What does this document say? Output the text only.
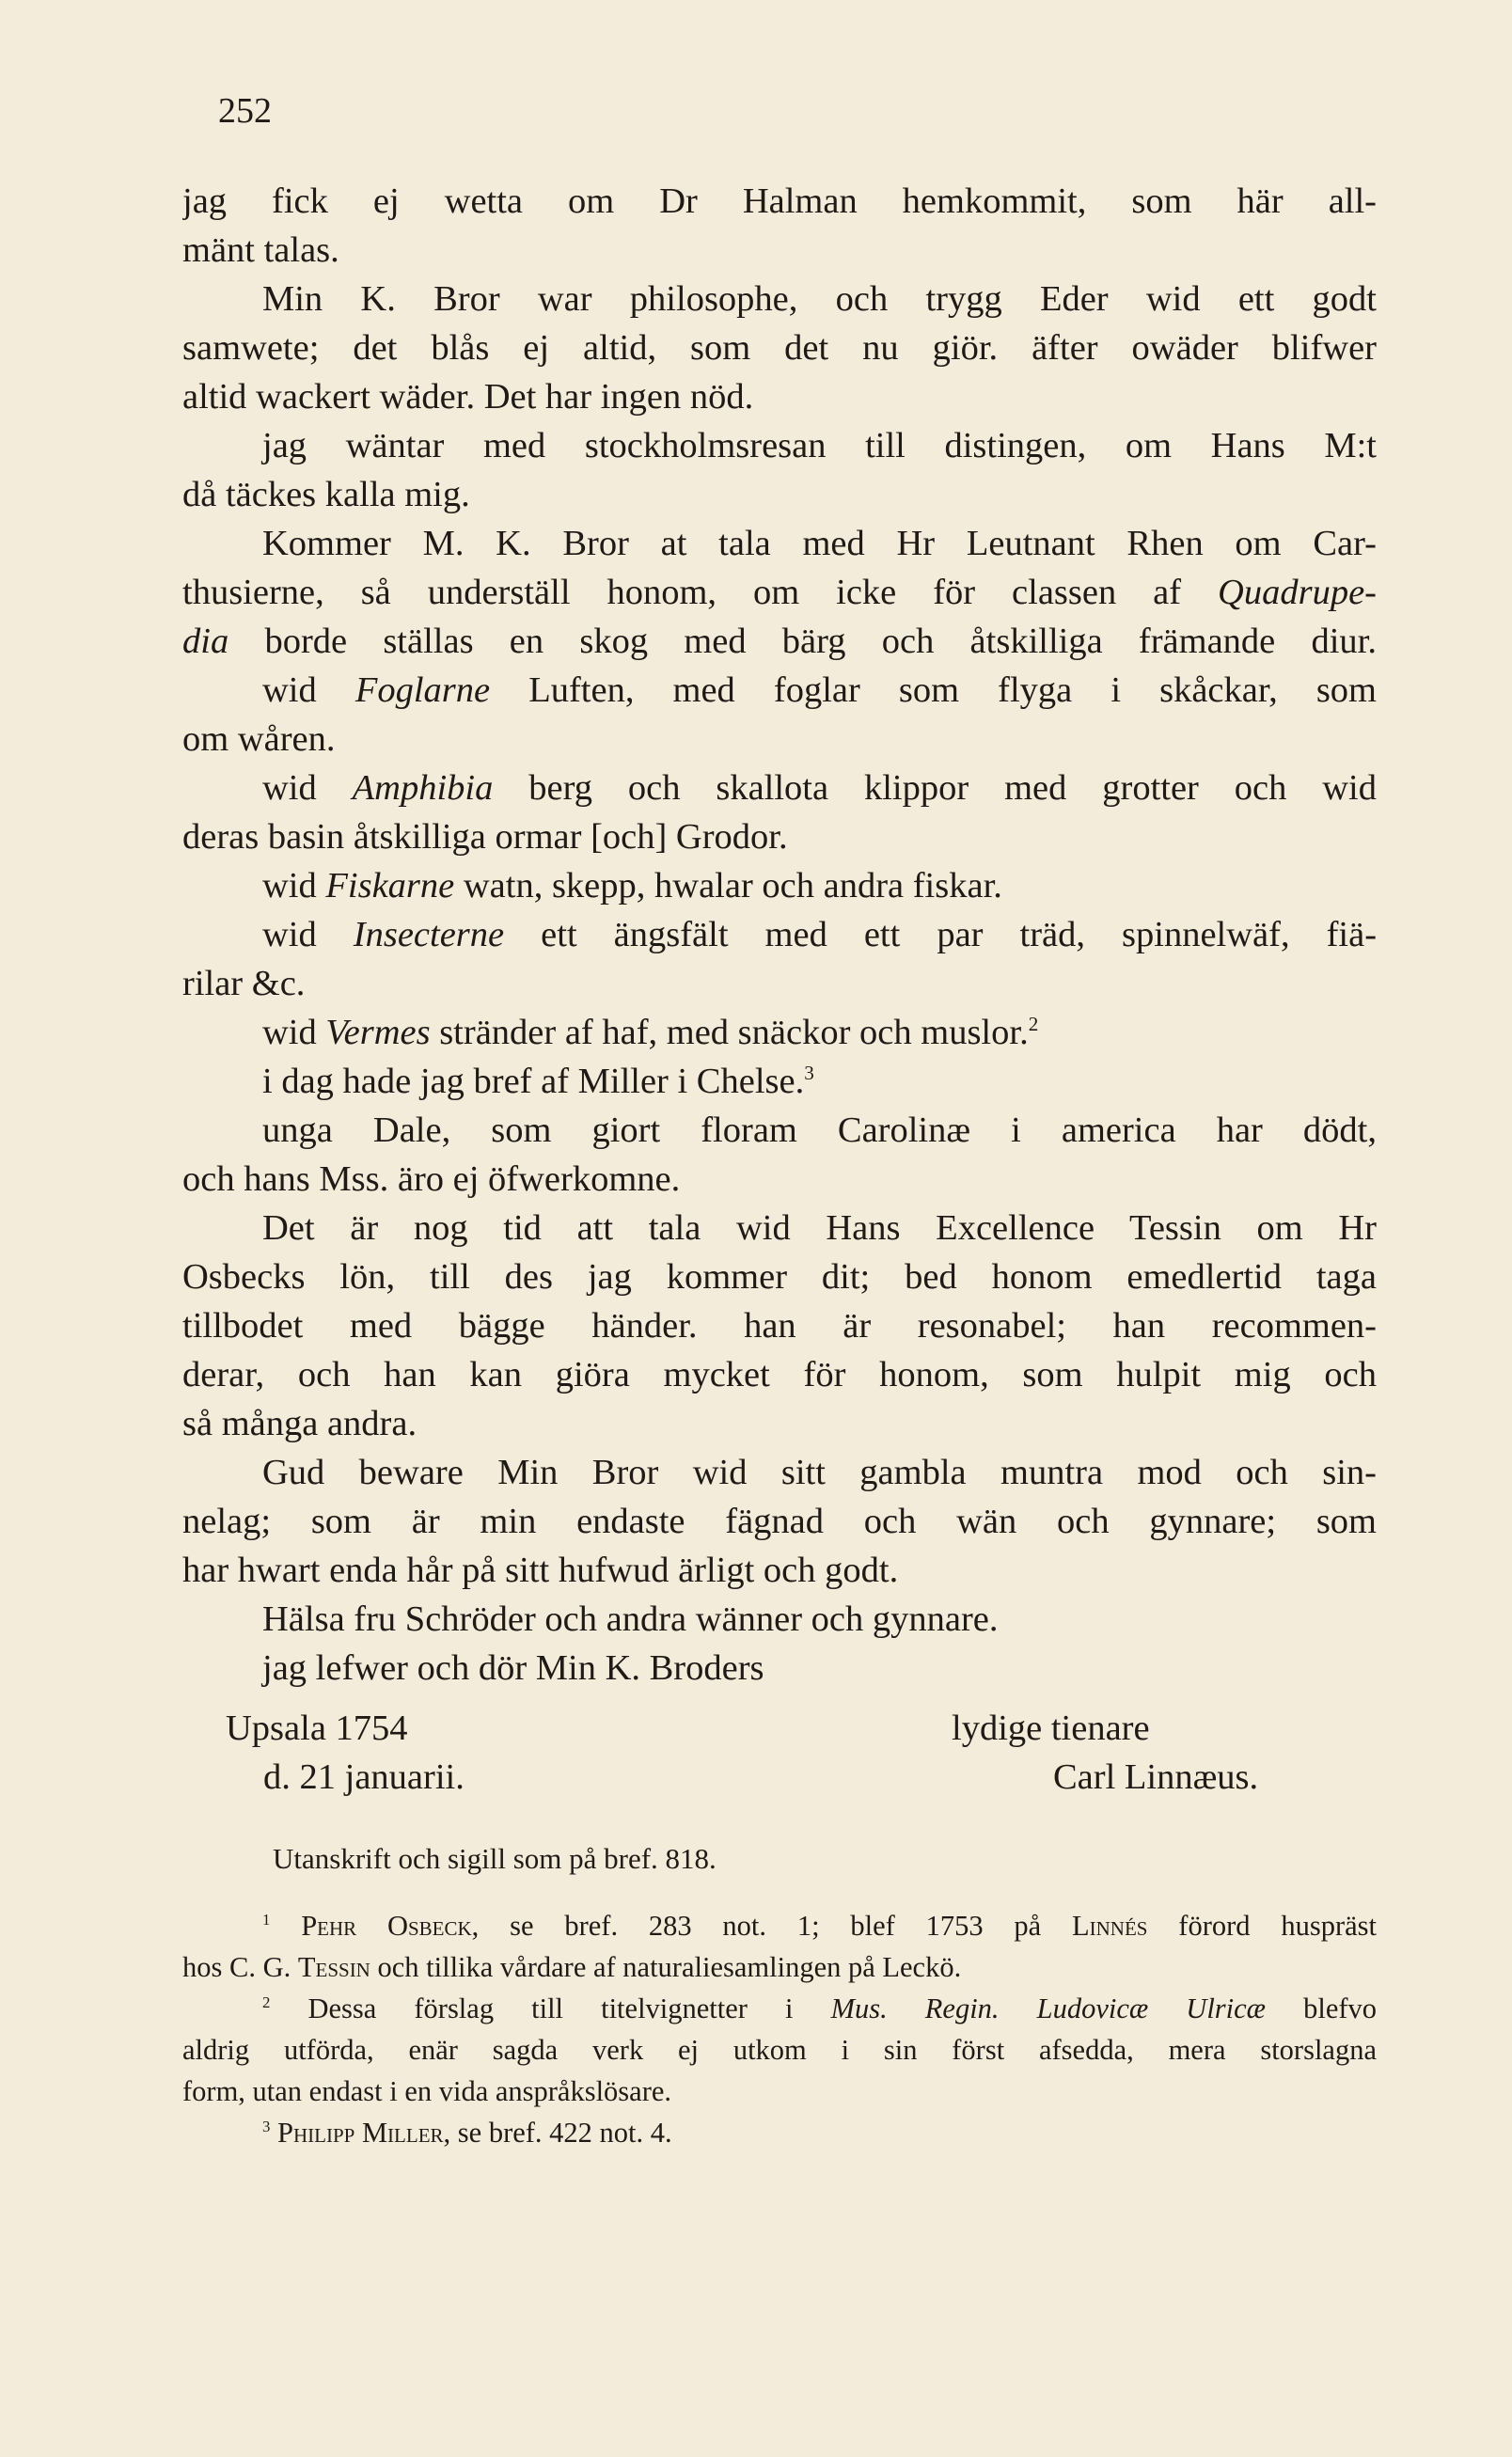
252
jag fick ej wetta om Dr Halman hemkommit, som här all-
mänt talas.
Min K. Bror war philosophe, och trygg Eder wid ett godt
samwete; det blås ej altid, som det nu giör. äfter owäder blifwer
altid wackert wäder. Det har ingen nöd.
jag wäntar med stockholmsresan till distingen, om Hans M:t
då täckes kalla mig.
Kommer M. K. Bror at tala med Hr Leutnant Rhen om Car-
thusierne, så underställ honom, om icke för classen af Quadrupe-
dia borde ställas en skog med bärg och åtskilliga främande diur.
wid Foglarne Luften, med foglar som flyga i skåckar, som
om wåren.
wid Amphibia berg och skallota klippor med grotter och wid
deras basin åtskilliga ormar [och] Grodor.
wid Fiskarne watn, skepp, hwalar och andra fiskar.
wid Insecterne ett ängsfält med ett par träd, spinnelwäf, fiä-
rilar &c.
wid Vermes stränder af haf, med snäckor och muslor.$^2$
i dag hade jag bref af Miller i Chelse.$^3$
unga Dale, som giort floram Carolinæ i america har dödt,
och hans Mss. äro ej öfwerkomne.
Det är nog tid att tala wid Hans Excellence Tessin om Hr
Osbecks lön, till des jag kommer dit; bed honom emedlertid taga
tillbodet med bägge händer. han är resonabel; han recommen-
derar, och han kan giöra mycket för honom, som hulpit mig och
så många andra.
Gud beware Min Bror wid sitt gambla muntra mod och sin-
nelag; som är min endaste fägnad och wän och gynnare; som
har hwart enda hår på sitt hufwud ärligt och godt.
Hälsa fru Schröder och andra wänner och gynnare.
jag lefwer och dör Min K. Broders
Upsala 1754	lydige tienare
d. 21 januarii.	Carl Linnæus.
Utanskrift och sigill som på bref. 818.
$^1$ Pehr Osbeck, se bref. 283 not. 1; blef 1753 på Linnés förord huspräst
hos C. G. Tessin och tillika vårdare af naturaliesamlingen på Leckö.
$^2$ Dessa förslag till titelvignetter i Mus. Regin. Ludovicæ Ulricæ blefvo
aldrig utförda, enär sagda verk ej utkom i sin först afsedda, mera storslagna
form, utan endast i en vida anspråkslösare.
$^3$ Philipp Miller, se bref. 422 not. 4.
